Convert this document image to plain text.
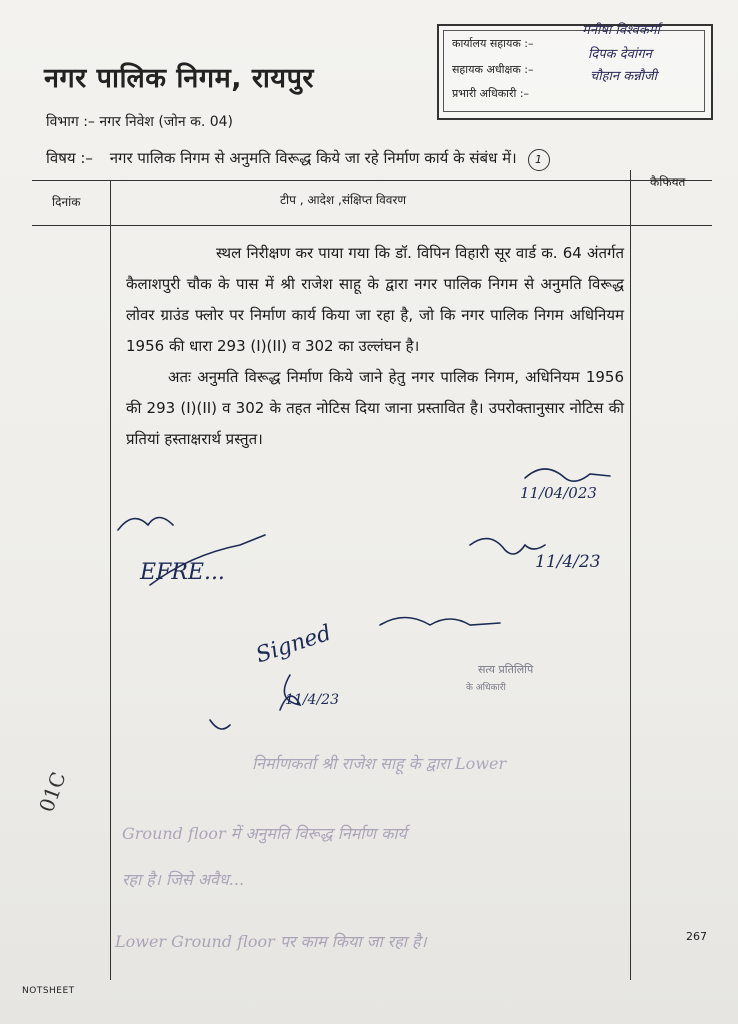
कार्यालय सहायक :–
मनीषा विश्वकर्मा
सहायक अधीक्षक :–
दिपक देवांगन
प्रभारी अधिकारी :–
चौहान कन्नौजी
नगर पालिक निगम, रायपुर
विभाग :– नगर निवेश (जोन क. 04)
विषय :– नगर पालिक निगम से अनुमति विरूद्ध किये जा रहे निर्माण कार्य के संबंध में। 1
दिनांक	टीप , आदेश ,संक्षिप्त विवरण
कैफियत

स्थल निरीक्षण कर पाया गया कि डॉ. विपिन विहारी सूर वार्ड क. 64 अंतर्गत कैलाशपुरी चौक के पास में श्री राजेश साहू के द्वारा नगर पालिक निगम से अनुमति विरूद्ध लोवर ग्राउंड फ्लोर पर निर्माण कार्य किया जा रहा है, जो कि नगर पालिक निगम अधिनियम 1956 की धारा 293 (I)(II) व 302 का उल्लंघन है।

अतः अनुमति विरूद्ध निर्माण किये जाने हेतु नगर पालिक निगम, अधिनियम 1956 की 293 (I)(II) व 302 के तहत नोटिस दिया जाना प्रस्तावित है। उपरोक्तानुसार नोटिस की प्रतियां हस्ताक्षरार्थ प्रस्तुत।

11/04/023
11/4/23
EFRE...
Signed
11/4/23
सत्य प्रतिलिपि
के अधिकारी
निर्माणकर्ता श्री राजेश साहू के द्वारा Lower
Ground floor में अनुमति विरूद्ध निर्माण कार्य
रहा है। जिसे अवैध...
Lower Ground floor पर काम किया जा रहा है।
01C
267
NOTSHEET
